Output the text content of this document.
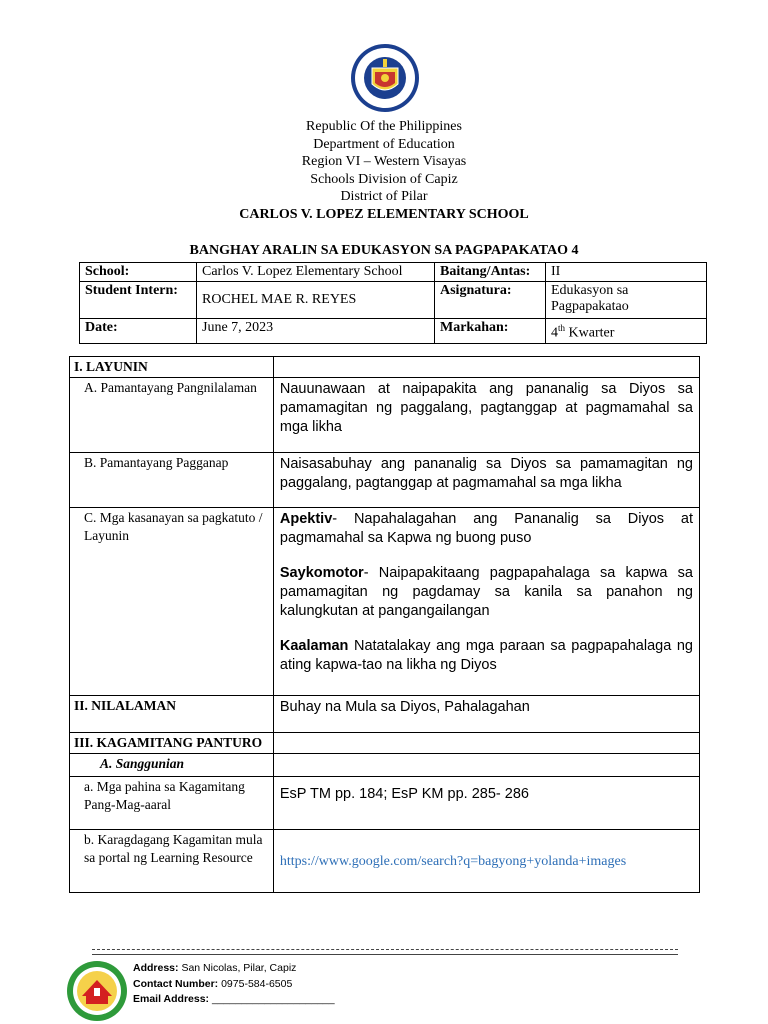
Republic Of the Philippines
Department of Education
Region VI – Western Visayas
Schools Division of Capiz
District of Pilar
CARLOS V. LOPEZ ELEMENTARY SCHOOL
BANGHAY ARALIN SA EDUKASYON SA PAGPAPAKATAO 4
School:	Carlos V. Lopez Elementary School	Baitang/Antas:	II
Student Intern:	ROCHEL MAE R. REYES	Asignatura:	Edukasyon sa Pagpapakatao
Date:	June 7, 2023	Markahan:	4th Kwarter
I. LAYUNIN	
A. Pamantayang Pangnilalaman	Nauunawaan at naipapakita ang pananalig sa Diyos sa pamamagitan ng paggalang, pagtanggap at pagmamahal sa mga likha
B. Pamantayang Pagganap	Naisasabuhay ang pananalig sa Diyos sa pamamagitan ng paggalang, pagtanggap at pagmamahal sa mga likha
C. Mga kasanayan sa pagkatuto / Layunin	Apektiv- Napahalagahan ang Pananalig sa Diyos at pagmamahal sa Kapwa ng buong puso

Saykomotor- Naipapakitaang pagpapahalaga sa kapwa sa pamamagitan ng pagdamay sa kanila sa panahon ng kalungkutan at pangangailangan

Kaalaman Natatalakay ang mga paraan sa pagpapahalaga ng ating kapwa-tao na likha ng Diyos

II. NILALAMAN	Buhay na Mula sa Diyos, Pahalagahan
III. KAGAMITANG PANTURO	
A. Sanggunian	
a. Mga pahina sa Kagamitang Pang-Mag-aaral	EsP TM pp. 184; EsP KM pp. 285- 286
b. Karagdagang Kagamitan mula sa portal ng Learning Resource	https://www.google.com/search?q=bagyong+yolanda+images
Address: San Nicolas, Pilar, Capiz
Contact Number: 0975-584-6505
Email Address: _____________________
